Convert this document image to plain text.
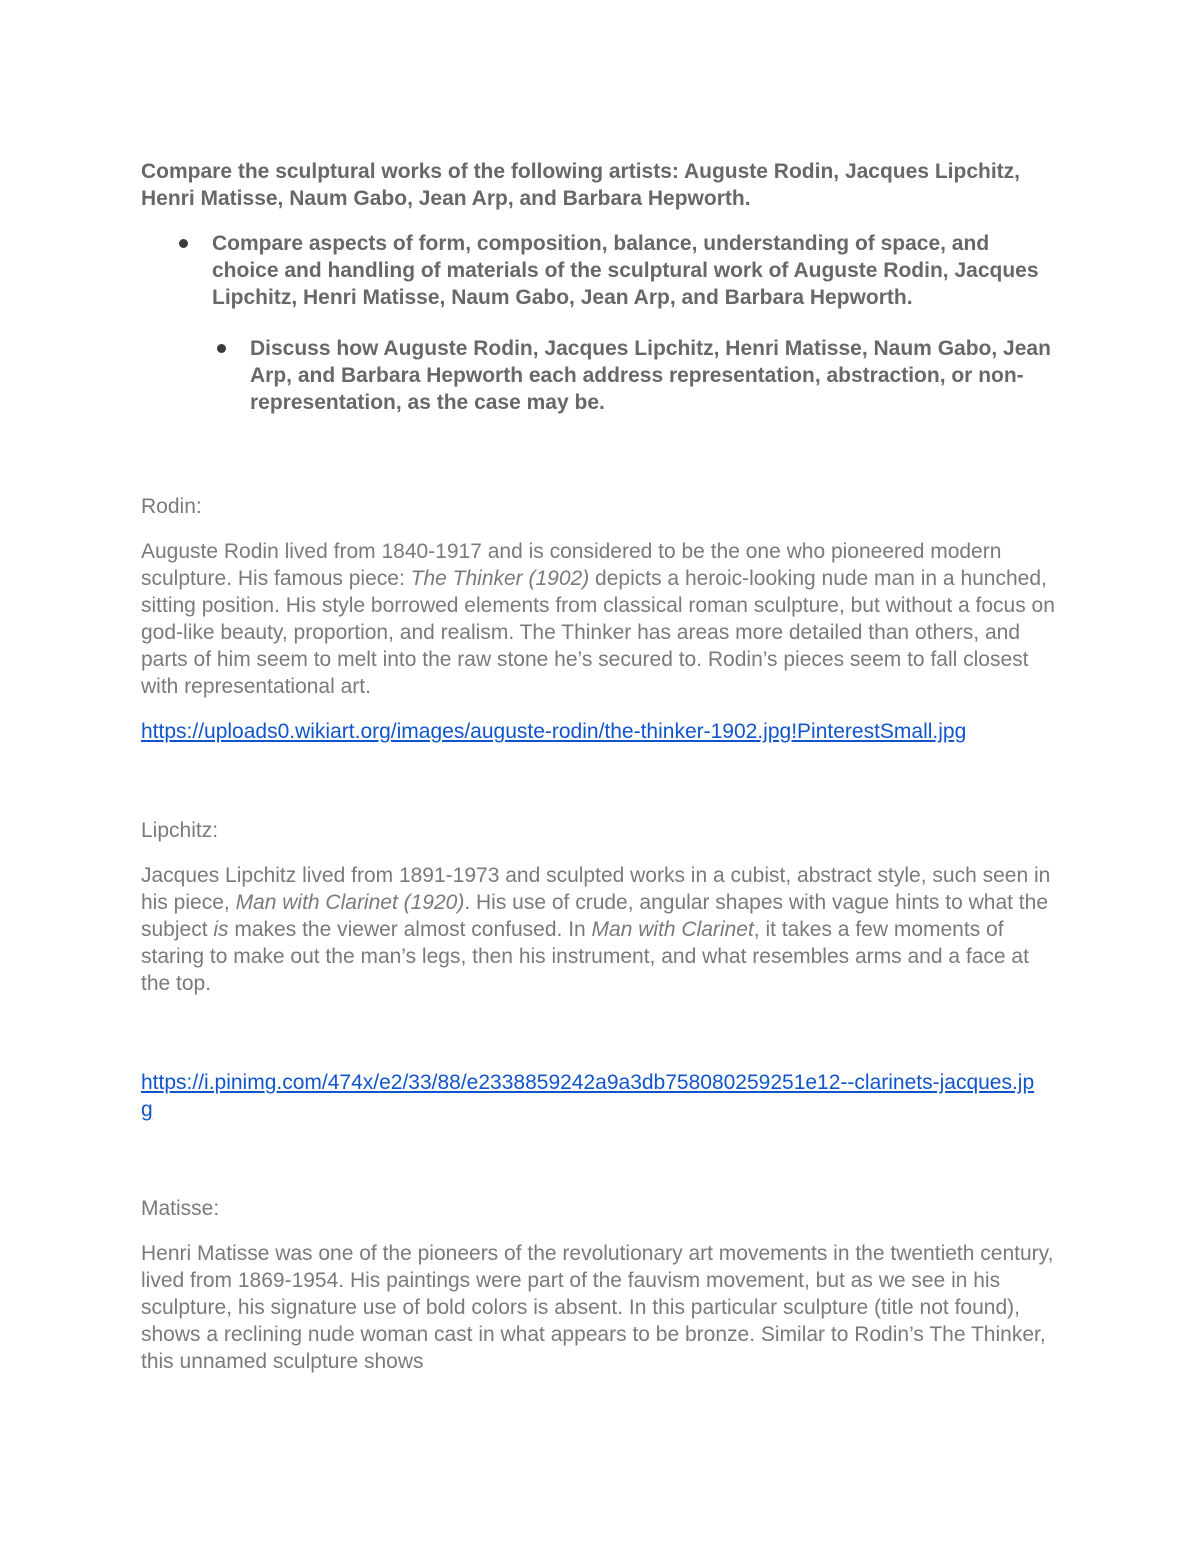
Compare the sculptural works of the following artists: Auguste Rodin, Jacques Lipchitz, Henri Matisse, Naum Gabo, Jean Arp, and Barbara Hepworth.

Compare aspects of form, composition, balance, understanding of space, and choice and handling of materials of the sculptural work of Auguste Rodin, Jacques Lipchitz, Henri Matisse, Naum Gabo, Jean Arp, and Barbara Hepworth.
Discuss how Auguste Rodin, Jacques Lipchitz, Henri Matisse, Naum Gabo, Jean Arp, and Barbara Hepworth each address representation, abstraction, or non-representation, as the case may be.

Rodin:

Auguste Rodin lived from 1840-1917 and is considered to be the one who pioneered modern sculpture. His famous piece: The Thinker (1902) depicts a heroic-looking nude man in a hunched, sitting position. His style borrowed elements from classical roman sculpture, but without a focus on god-like beauty, proportion, and realism. The Thinker has areas more detailed than others, and parts of him seem to melt into the raw stone he’s secured to. Rodin’s pieces seem to fall closest with representational art.

https://uploads0.wikiart.org/images/auguste-rodin/the-thinker-1902.jpg!PinterestSmall.jpg

Lipchitz:

Jacques Lipchitz lived from 1891-1973 and sculpted works in a cubist, abstract style, such seen in his piece, Man with Clarinet (1920). His use of crude, angular shapes with vague hints to what the subject is makes the viewer almost confused. In Man with Clarinet, it takes a few moments of staring to make out the man’s legs, then his instrument, and what resembles arms and a face at the top.

https://i.pinimg.com/474x/e2/33/88/e2338859242a9a3db758080259251e12--clarinets-jacques.jpg

Matisse:

Henri Matisse was one of the pioneers of the revolutionary art movements in the twentieth century, lived from 1869-1954. His paintings were part of the fauvism movement, but as we see in his sculpture, his signature use of bold colors is absent. In this particular sculpture (title not found), shows a reclining nude woman cast in what appears to be bronze. Similar to Rodin’s The Thinker, this unnamed sculpture shows
